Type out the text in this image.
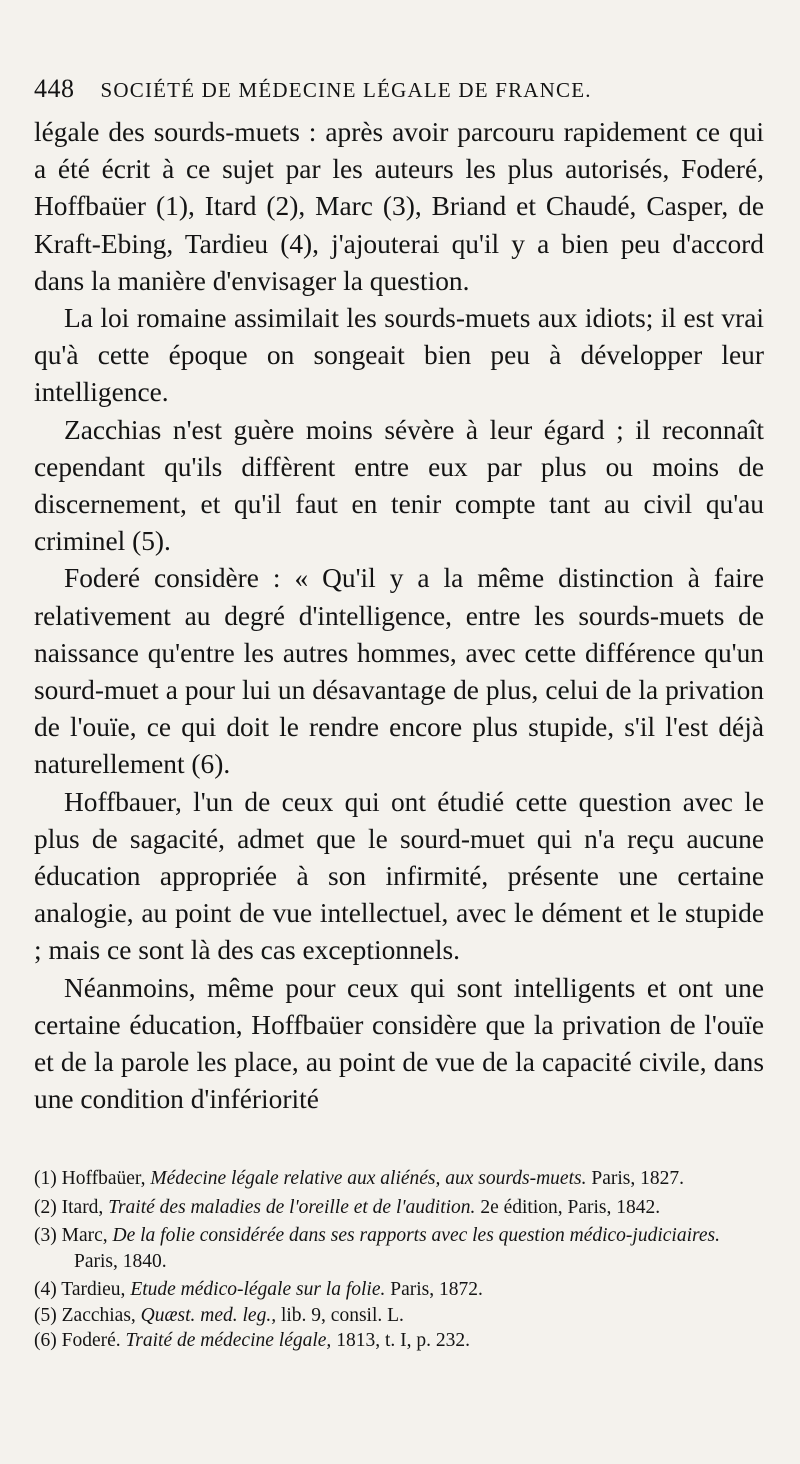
448 SOCIÉTÉ DE MÉDECINE LÉGALE DE FRANCE.

légale des sourds-muets : après avoir parcouru rapidement ce qui a été écrit à ce sujet par les auteurs les plus autorisés, Foderé, Hoffbaüer (1), Itard (2), Marc (3), Briand et Chaudé, Casper, de Kraft-Ebing, Tardieu (4), j'ajouterai qu'il y a bien peu d'accord dans la manière d'envisager la question.

La loi romaine assimilait les sourds-muets aux idiots; il est vrai qu'à cette époque on songeait bien peu à développer leur intelligence.

Zacchias n'est guère moins sévère à leur égard ; il reconnaît cependant qu'ils diffèrent entre eux par plus ou moins de discernement, et qu'il faut en tenir compte tant au civil qu'au criminel (5).

Foderé considère : « Qu'il y a la même distinction à faire relativement au degré d'intelligence, entre les sourds-muets de naissance qu'entre les autres hommes, avec cette différence qu'un sourd-muet a pour lui un désavantage de plus, celui de la privation de l'ouïe, ce qui doit le rendre encore plus stupide, s'il l'est déjà naturellement (6).

Hoffbauer, l'un de ceux qui ont étudié cette question avec le plus de sagacité, admet que le sourd-muet qui n'a reçu aucune éducation appropriée à son infirmité, présente une certaine analogie, au point de vue intellectuel, avec le dément et le stupide ; mais ce sont là des cas exceptionnels.

Néanmoins, même pour ceux qui sont intelligents et ont une certaine éducation, Hoffbaüer considère que la privation de l'ouïe et de la parole les place, au point de vue de la capacité civile, dans une condition d'infériorité

(1) Hoffbaüer, Médecine légale relative aux aliénés, aux sourds-muets. Paris, 1827.

(2) Itard, Traité des maladies de l'oreille et de l'audition. 2e édition, Paris, 1842.

(3) Marc, De la folie considérée dans ses rapports avec les question médico-judiciaires. Paris, 1840.

(4) Tardieu, Etude médico-légale sur la folie. Paris, 1872.

(5) Zacchias, Quæst. med. leg., lib. 9, consil. L.

(6) Foderé. Traité de médecine légale, 1813, t. I, p. 232.
